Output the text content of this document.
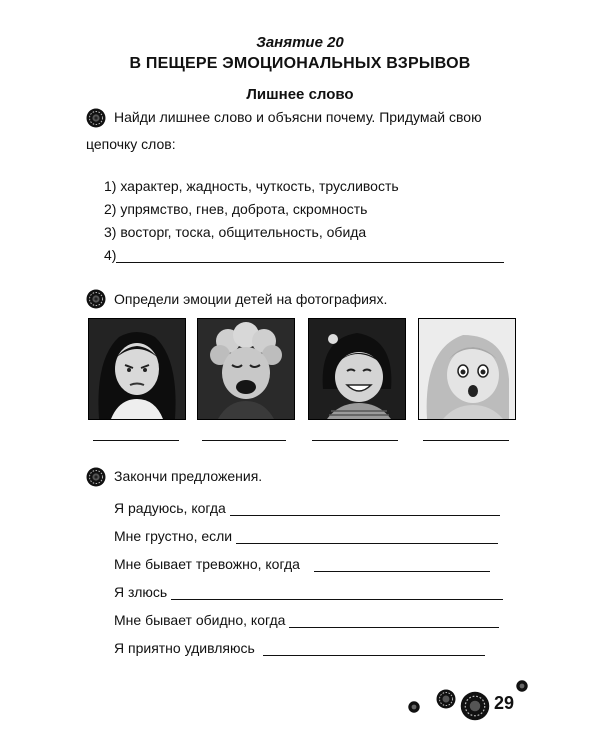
Занятие 20
В ПЕЩЕРЕ ЭМОЦИОНАЛЬНЫХ ВЗРЫВОВ
Лишнее слово
Найди лишнее слово и объясни почему. Придумай свою
цепочку слов:
1) характер, жадность, чуткость, трусливость
2) упрямство, гнев, доброта, скромность
3) восторг, тоска, общительность, обида
4)
Определи эмоции детей на фотографиях.
Закончи предложения.
Я радуюсь, когда
Мне грустно, если
Мне бывает тревожно, когда
Я злюсь
Мне бывает обидно, когда
Я приятно удивляюсь
29
